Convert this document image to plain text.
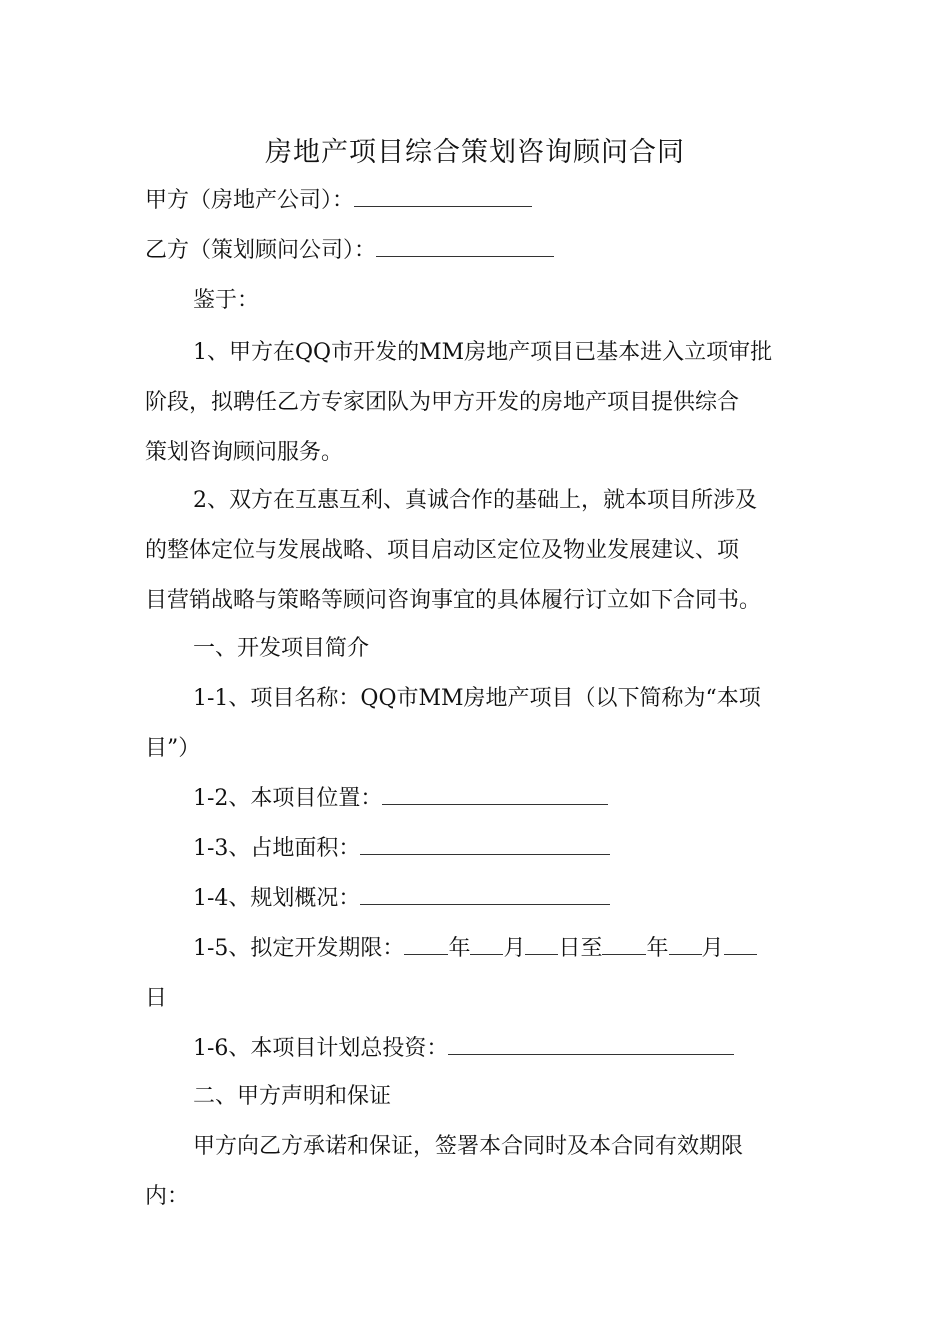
房地产项目综合策划咨询顾问合同
甲方（房地产公司）：
乙方（策划顾问公司）：
鉴于：
1、甲方在QQ市开发的MM房地产项目已基本进入立项审批
阶段，拟聘任乙方专家团队为甲方开发的房地产项目提供综合
策划咨询顾问服务。
2、双方在互惠互利、真诚合作的基础上，就本项目所涉及
的整体定位与发展战略、项目启动区定位及物业发展建议、项
目营销战略与策略等顾问咨询事宜的具体履行订立如下合同书。
一、开发项目简介
1-1、项目名称：QQ市MM房地产项目（以下简称为“本项
目”）
1-2、本项目位置：
1-3、占地面积：
1-4、规划概况：
1-5、拟定开发期限： 年 月 日至 年 月
日
1-6、本项目计划总投资：
二、甲方声明和保证
甲方向乙方承诺和保证，签署本合同时及本合同有效期限
内：
